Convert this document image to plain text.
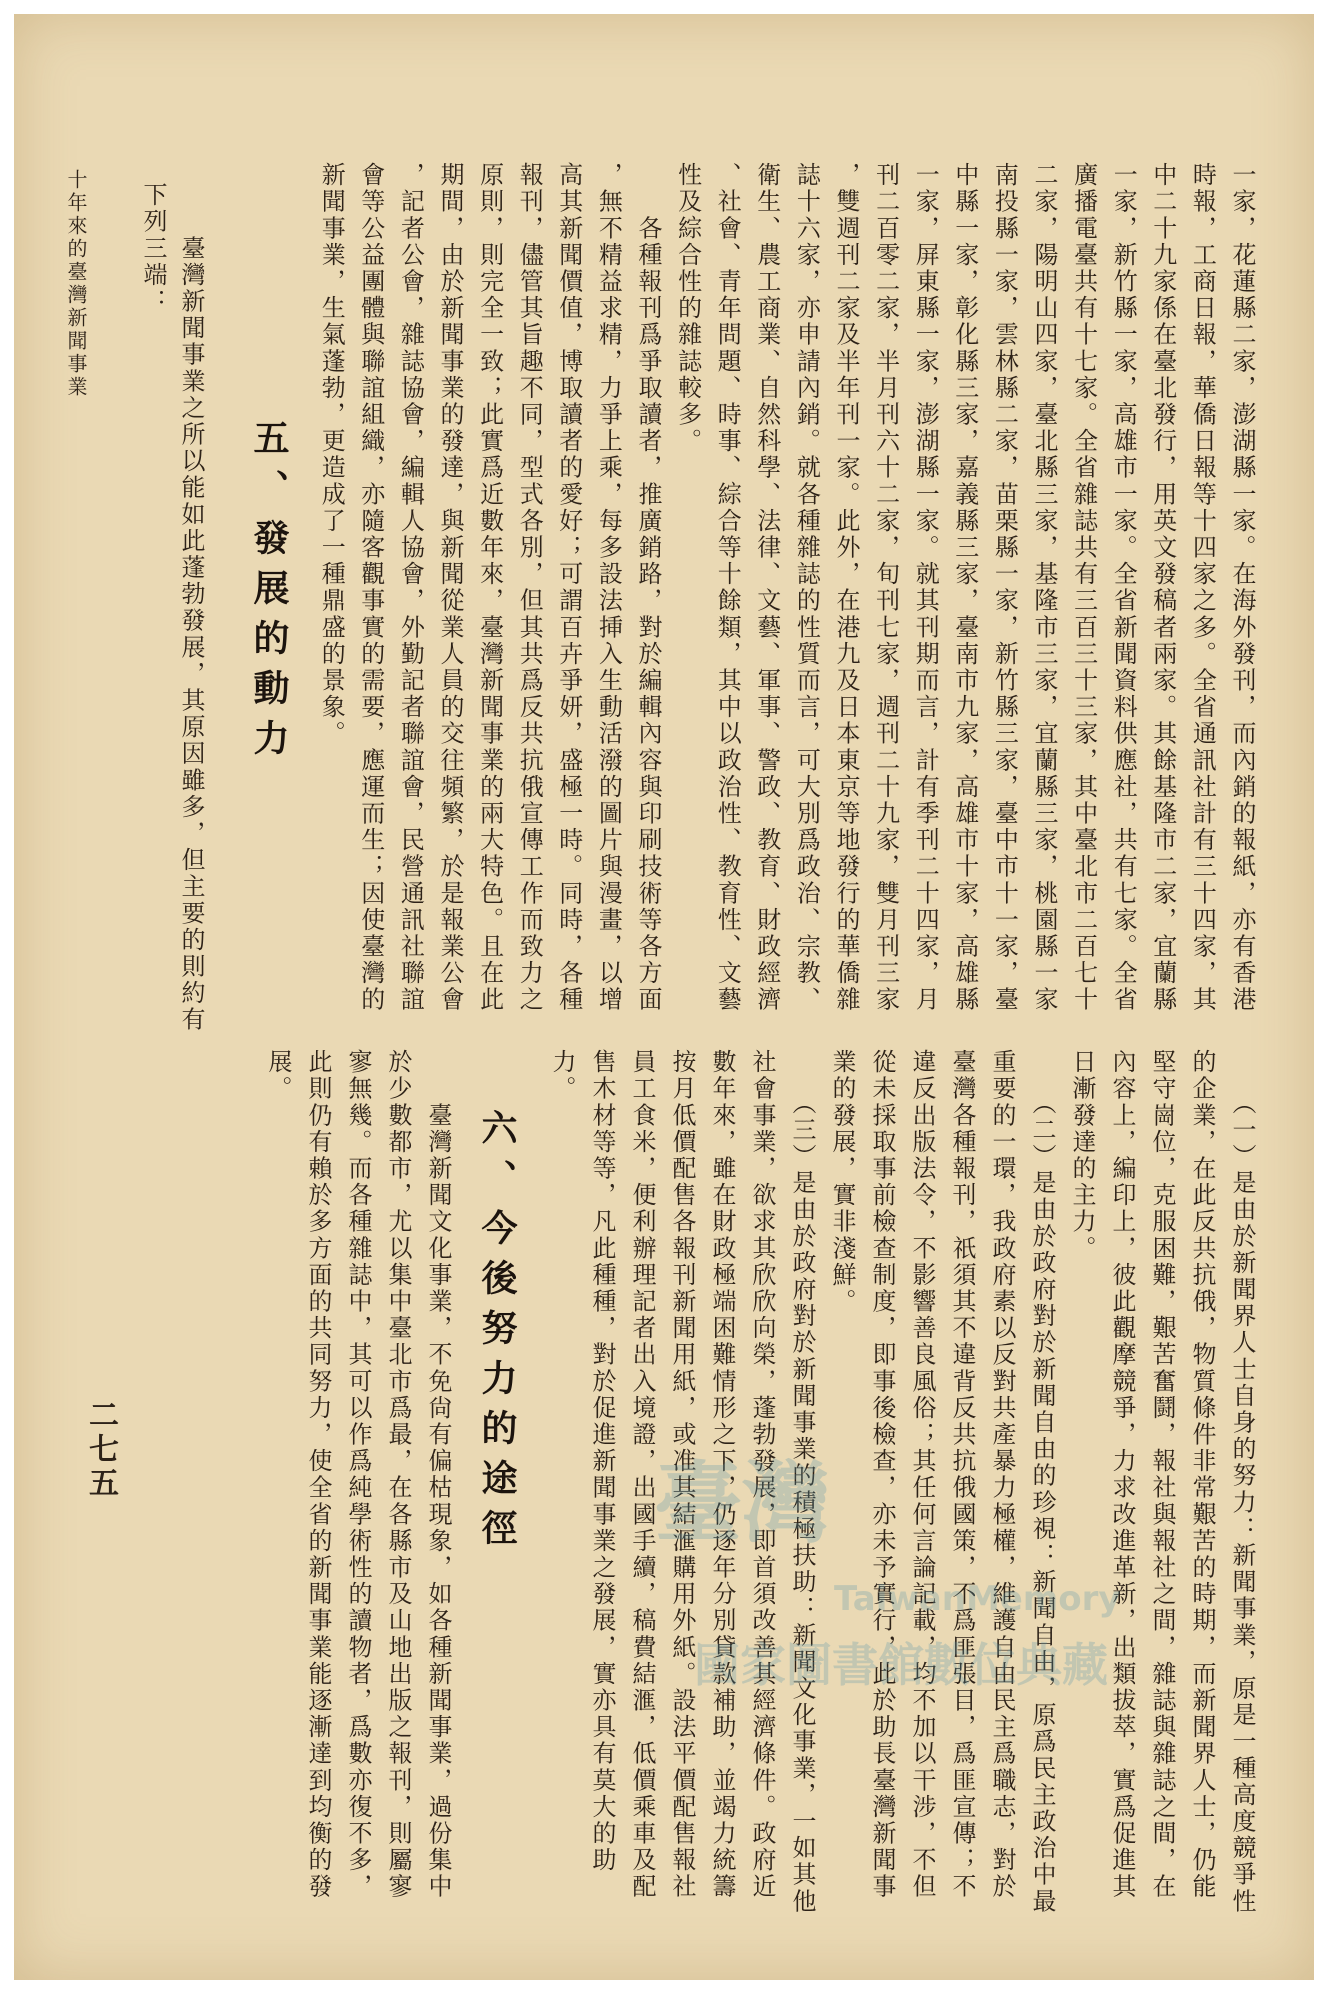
一家，花蓮縣二家，澎湖縣一家。在海外發刊，而內銷的報紙，亦有香港
時報，工商日報，華僑日報等十四家之多。全省通訊社計有三十四家，其
中二十九家係在臺北發行，用英文發稿者兩家。其餘基隆市二家，宜蘭縣
一家，新竹縣一家，高雄市一家。全省新聞資料供應社，共有七家。全省
廣播電臺共有十七家。全省雜誌共有三百三十三家，其中臺北市二百七十
二家，陽明山四家，臺北縣三家，基隆市三家，宜蘭縣三家，桃園縣一家
南投縣一家，雲林縣二家，苗栗縣一家，新竹縣三家，臺中市十一家，臺
中縣一家，彰化縣三家，嘉義縣三家，臺南市九家，高雄市十家，高雄縣
一家，屏東縣一家，澎湖縣一家。就其刊期而言，計有季刊二十四家，月
刊二百零二家，半月刊六十二家，旬刊七家，週刊二十九家，雙月刊三家
，雙週刊二家及半年刊一家。此外，在港九及日本東京等地發行的華僑雜
誌十六家，亦申請內銷。就各種雜誌的性質而言，可大別爲政治、宗教、
衛生、農工商業、自然科學、法律、文藝、軍事、警政、教育、財政經濟
、社會、青年問題、時事、綜合等十餘類，其中以政治性、教育性、文藝
性及綜合性的雜誌較多。
　　各種報刊爲爭取讀者，推廣銷路，對於編輯內容與印刷技術等各方面
，無不精益求精，力爭上乘，每多設法挿入生動活潑的圖片與漫畫，以增
高其新聞價值，博取讀者的愛好；可謂百卉爭妍，盛極一時。同時，各種
報刊，儘管其旨趣不同，型式各別，但其共爲反共抗俄宣傳工作而致力之
原則，則完全一致；此實爲近數年來，臺灣新聞事業的兩大特色。且在此
期間，由於新聞事業的發達，與新聞從業人員的交往頻繁，於是報業公會
，記者公會，雜誌協會，編輯人協會，外勤記者聯誼會，民營通訊社聯誼
會等公益團體與聯誼組織，亦隨客觀事實的需要，應運而生；因使臺灣的
新聞事業，生氣蓬勃，更造成了一種鼎盛的景象。
五、發展的動力
　　臺灣新聞事業之所以能如此蓬勃發展，其原因雖多，但主要的則約有
下列三端：
十年來的臺灣新聞事業
　　（一）是由於新聞界人士自身的努力：新聞事業，原是一種高度競爭性
的企業，在此反共抗俄，物質條件非常艱苦的時期，而新聞界人士，仍能
堅守崗位，克服困難，艱苦奮鬪，報社與報社之間，雜誌與雜誌之間，在
內容上，編印上，彼此觀摩競爭，力求改進革新，出類拔萃，實爲促進其
日漸發達的主力。
　　（二）是由於政府對於新聞自由的珍視：新聞自由，原爲民主政治中最
重要的一環，我政府素以反對共產暴力極權，維護自由民主爲職志，對於
臺灣各種報刊，祇須其不違背反共抗俄國策，不爲匪張目，爲匪宣傳；不
違反出版法令，不影響善良風俗；其任何言論記載，均不加以干涉，不但
從未採取事前檢查制度，即事後檢查，亦未予實行，此於助長臺灣新聞事
業的發展，實非淺鮮。
　　（三）是由於政府對於新聞事業的積極扶助：新聞文化事業，一如其他
社會事業，欲求其欣欣向榮，蓬勃發展，即首須改善其經濟條件。政府近
數年來，雖在財政極端困難情形之下，仍逐年分別貸款補助，並竭力統籌
按月低價配售各報刊新聞用紙，或准其結滙購用外紙。設法平價配售報社
員工食米，便利辦理記者出入境證，出國手續，稿費結滙，低價乘車及配
售木材等等，凡此種種，對於促進新聞事業之發展，實亦具有莫大的助
力。
六、今後努力的途徑
　　臺灣新聞文化事業，不免尙有偏枯現象，如各種新聞事業，過份集中
於少數都市，尤以集中臺北市爲最，在各縣市及山地出版之報刊，則屬寥
寥無幾。而各種雜誌中，其可以作爲純學術性的讀物者，爲數亦復不多，
此則仍有賴於多方面的共同努力，使全省的新聞事業能逐漸達到均衡的發
展。
二七五
臺灣
TaiwanMemory
國家圖書館數位典藏
